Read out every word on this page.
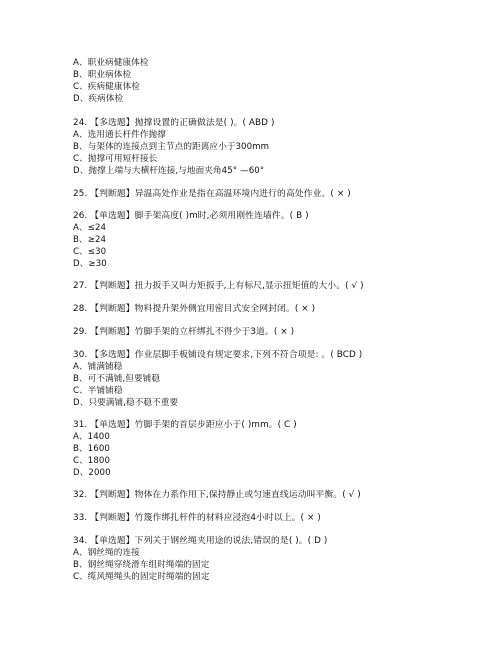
A、职业病健康体检
B、职业病体检
C、疾病健康体检
D、疾病体检
24. 【多选题】抛撑设置的正确做法是( )。( ABD )
A、选用通长杆件作抛撑
B、与架体的连接点到主节点的距离应小于300mm
C、抛撑可用短杆接长
D、抛撑上端与大横杆连接,与地面夹角45° —60°
25. 【判断题】异温高处作业是指在高温环境内进行的高处作业。( × )
26. 【单选题】脚手架高度( )m时,必须用刚性连墙件。( B )
A、≤24
B、≥24
C、≤30
D、≥30
27. 【判断题】扭力扳手又叫力矩扳手,上有标尺,显示扭矩值的大小。( √ )
28. 【判断题】物料提升架外侧宜用密目式安全网封闭。( × )
29. 【判断题】竹脚手架的立杆绑扎不得少于3道。( × )
30. 【多选题】作业层脚手板铺设有规定要求,下列不符合项是: 。( BCD )
A、铺满铺稳
B、可不满铺,但要铺稳
C、半铺铺稳
D、只要满铺,稳不稳不重要
31. 【单选题】竹脚手架的首层步距应小于( )mm。( C )
A、1400
B、1600
C、1800
D、2000
32. 【判断题】物体在力系作用下,保持静止或匀速直线运动叫平衡。( √ )
33. 【判断题】竹篾作绑扎杆件的材料应浸泡4小时以上。( × )
34. 【单选题】下列关于钢丝绳夹用途的说法,错误的是( )。( D )
A、钢丝绳的连接
B、钢丝绳穿绕滑车组时绳端的固定
C、缆风绳绳头的固定时绳端的固定
